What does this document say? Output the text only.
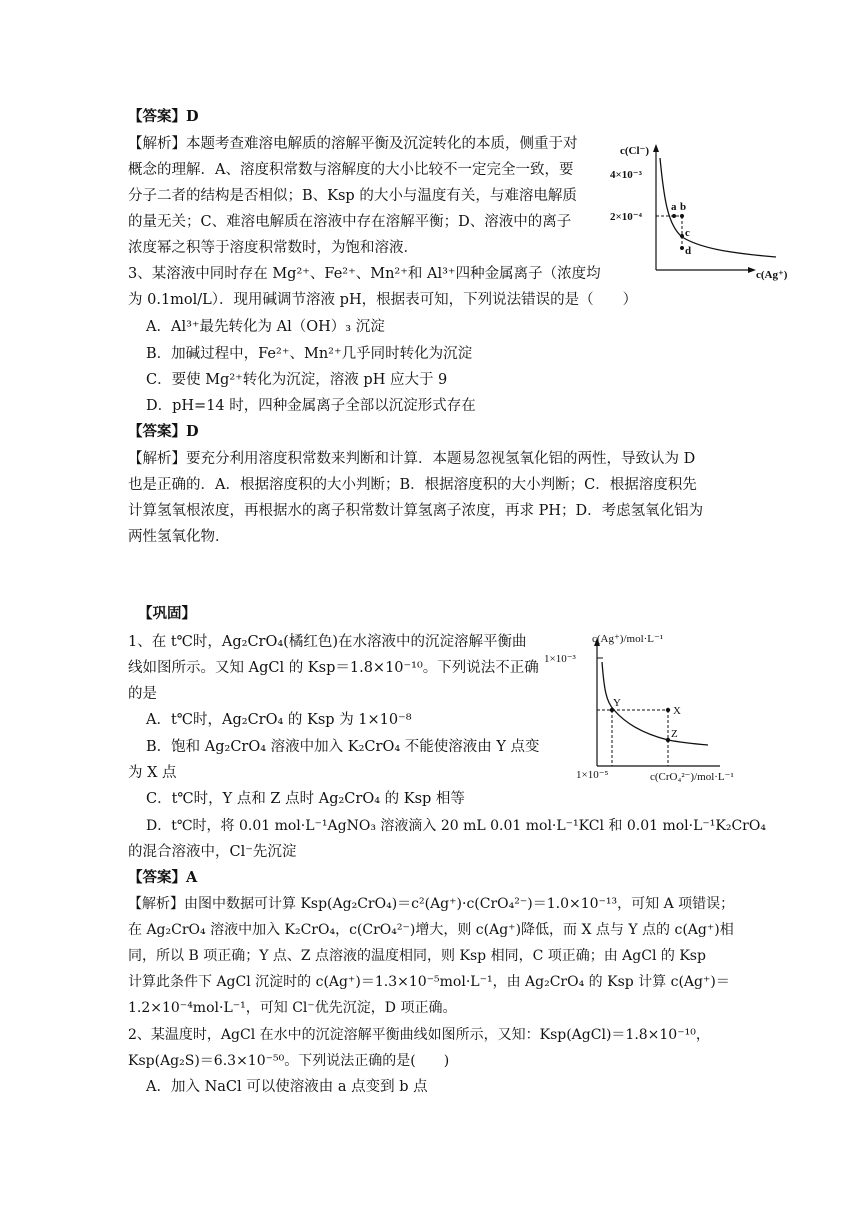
【答案】D
【解析】本题考查难溶电解质的溶解平衡及沉淀转化的本质，侧重于对
概念的理解．A、溶度积常数与溶解度的大小比较不一定完全一致，要
分子二者的结构是否相似；B、Ksp 的大小与温度有关，与难溶电解质
的量无关；C、难溶电解质在溶液中存在溶解平衡；D、溶液中的离子
浓度幂之积等于溶度积常数时，为饱和溶液．
3、某溶液中同时存在 Mg²⁺、Fe²⁺、Mn²⁺和 Al³⁺四种金属离子（浓度均
为 0.1mol/L）．现用碱调节溶液 pH，根据表可知，下列说法错误的是（　　）
A．Al³⁺最先转化为 Al（OH）₃ 沉淀
B．加碱过程中，Fe²⁺、Mn²⁺几乎同时转化为沉淀
C．要使 Mg²⁺转化为沉淀，溶液 pH 应大于 9
D．pH=14 时，四种金属离子全部以沉淀形式存在
【答案】D
【解析】要充分利用溶度积常数来判断和计算．本题易忽视氢氧化铝的两性，导致认为 D
也是正确的．A．根据溶度积的大小判断；B．根据溶度积的大小判断；C．根据溶度积先
计算氢氧根浓度，再根据水的离子积常数计算氢离子浓度，再求 PH；D．考虑氢氧化铝为
两性氢氧化物．
c(Cl⁻)
c(Ag⁺)
4×10⁻³
2×10⁻⁴
a b
c
d
【巩固】
1、在 t℃时，Ag₂CrO₄(橘红色)在水溶液中的沉淀溶解平衡曲
线如图所示。又知 AgCl 的 Ksp＝1.8×10⁻¹⁰。下列说法不正确
的是
A．t℃时，Ag₂CrO₄ 的 Ksp 为 1×10⁻⁸
B．饱和 Ag₂CrO₄ 溶液中加入 K₂CrO₄ 不能使溶液由 Y 点变
为 X 点
C．t℃时，Y 点和 Z 点时 Ag₂CrO₄ 的 Ksp 相等
D．t℃时，将 0.01 mol·L⁻¹AgNO₃ 溶液滴入 20 mL 0.01 mol·L⁻¹KCl 和 0.01 mol·L⁻¹K₂CrO₄
的混合溶液中，Cl⁻先沉淀
【答案】A
【解析】由图中数据可计算 Ksp(Ag₂CrO₄)＝c²(Ag⁺)·c(CrO₄²⁻)＝1.0×10⁻¹³，可知 A 项错误；
在 Ag₂CrO₄ 溶液中加入 K₂CrO₄，c(CrO₄²⁻)增大，则 c(Ag⁺)降低，而 X 点与 Y 点的 c(Ag⁺)相
同，所以 B 项正确；Y 点、Z 点溶液的温度相同，则 Ksp 相同，C 项正确；由 AgCl 的 Ksp
计算此条件下 AgCl 沉淀时的 c(Ag⁺)＝1.3×10⁻⁵mol·L⁻¹，由 Ag₂CrO₄ 的 Ksp 计算 c(Ag⁺)＝
1.2×10⁻⁴mol·L⁻¹，可知 Cl⁻优先沉淀，D 项正确。
2、某温度时，AgCl 在水中的沉淀溶解平衡曲线如图所示，又知：Ksp(AgCl)＝1.8×10⁻¹⁰，
Ksp(Ag₂S)＝6.3×10⁻⁵⁰。下列说法正确的是(　　)
A．加入 NaCl 可以使溶液由 a 点变到 b 点
c(Ag⁺)/mol·L⁻¹
1×10⁻³
1×10⁻⁵	c(CrO₄²⁻)/mol·L⁻¹
Y
X
Z
